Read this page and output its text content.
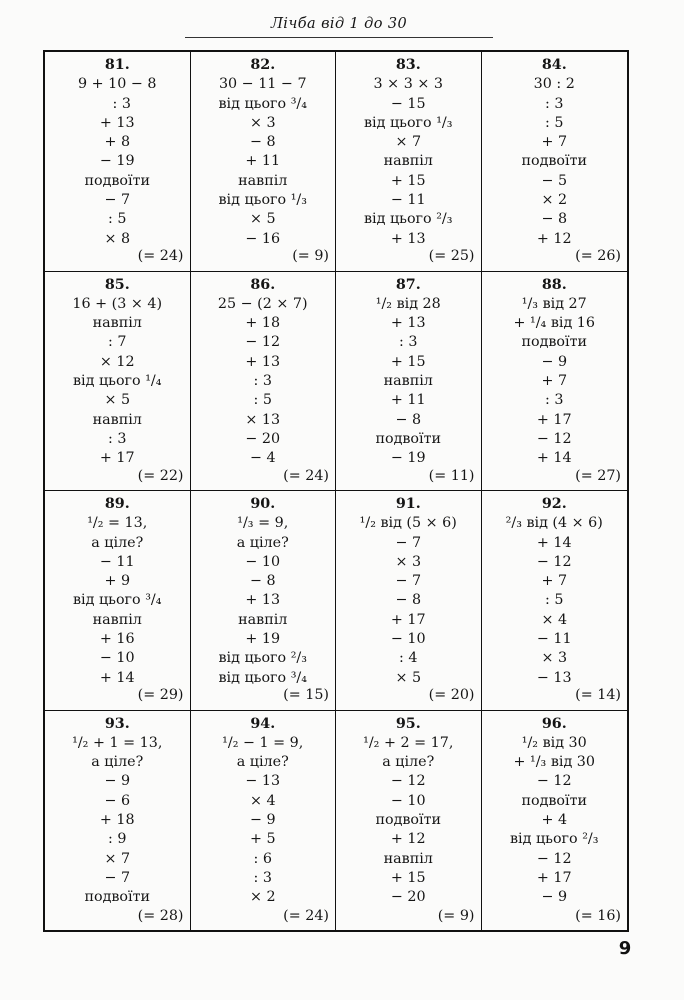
Лічба від 1 до 30
81.
9 + 10 − 8
: 3
+ 13
+ 8
− 19
подвоїти
− 7
: 5
× 8
(= 24)
82.
30 − 11 − 7
від цього ³/₄
× 3
− 8
+ 11
навпіл
від цього ¹/₃
× 5
− 16
(= 9)
83.
3 × 3 × 3
− 15
від цього ¹/₃
× 7
навпіл
+ 15
− 11
від цього ²/₃
+ 13
(= 25)
84.
30 : 2
: 3
: 5
+ 7
подвоїти
− 5
× 2
− 8
+ 12
(= 26)
85.
16 + (3 × 4)
навпіл
: 7
× 12
від цього ¹/₄
× 5
навпіл
: 3
+ 17
(= 22)
86.
25 − (2 × 7)
+ 18
− 12
+ 13
: 3
: 5
× 13
− 20
− 4
(= 24)
87.
¹/₂ від 28
+ 13
: 3
+ 15
навпіл
+ 11
− 8
подвоїти
− 19
(= 11)
88.
¹/₃ від 27
+ ¹/₄ від 16
подвоїти
− 9
+ 7
: 3
+ 17
− 12
+ 14
(= 27)
89.
¹/₂ = 13,
а ціле?
− 11
+ 9
від цього ³/₄
навпіл
+ 16
− 10
+ 14
(= 29)
90.
¹/₃ = 9,
а ціле?
− 10
− 8
+ 13
навпіл
+ 19
від цього ²/₃
від цього ³/₄
(= 15)
91.
¹/₂ від (5 × 6)
− 7
× 3
− 7
− 8
+ 17
− 10
: 4
× 5
(= 20)
92.
²/₃ від (4 × 6)
+ 14
− 12
+ 7
: 5
× 4
− 11
× 3
− 13
(= 14)
93.
¹/₂ + 1 = 13,
а ціле?
− 9
− 6
+ 18
: 9
× 7
− 7
подвоїти
(= 28)
94.
¹/₂ − 1 = 9,
а ціле?
− 13
× 4
− 9
+ 5
: 6
: 3
× 2
(= 24)
95.
¹/₂ + 2 = 17,
а ціле?
− 12
− 10
подвоїти
+ 12
навпіл
+ 15
− 20
(= 9)
96.
¹/₂ від 30
+ ¹/₃ від 30
− 12
подвоїти
+ 4
від цього ²/₃
− 12
+ 17
− 9
(= 16)
9
